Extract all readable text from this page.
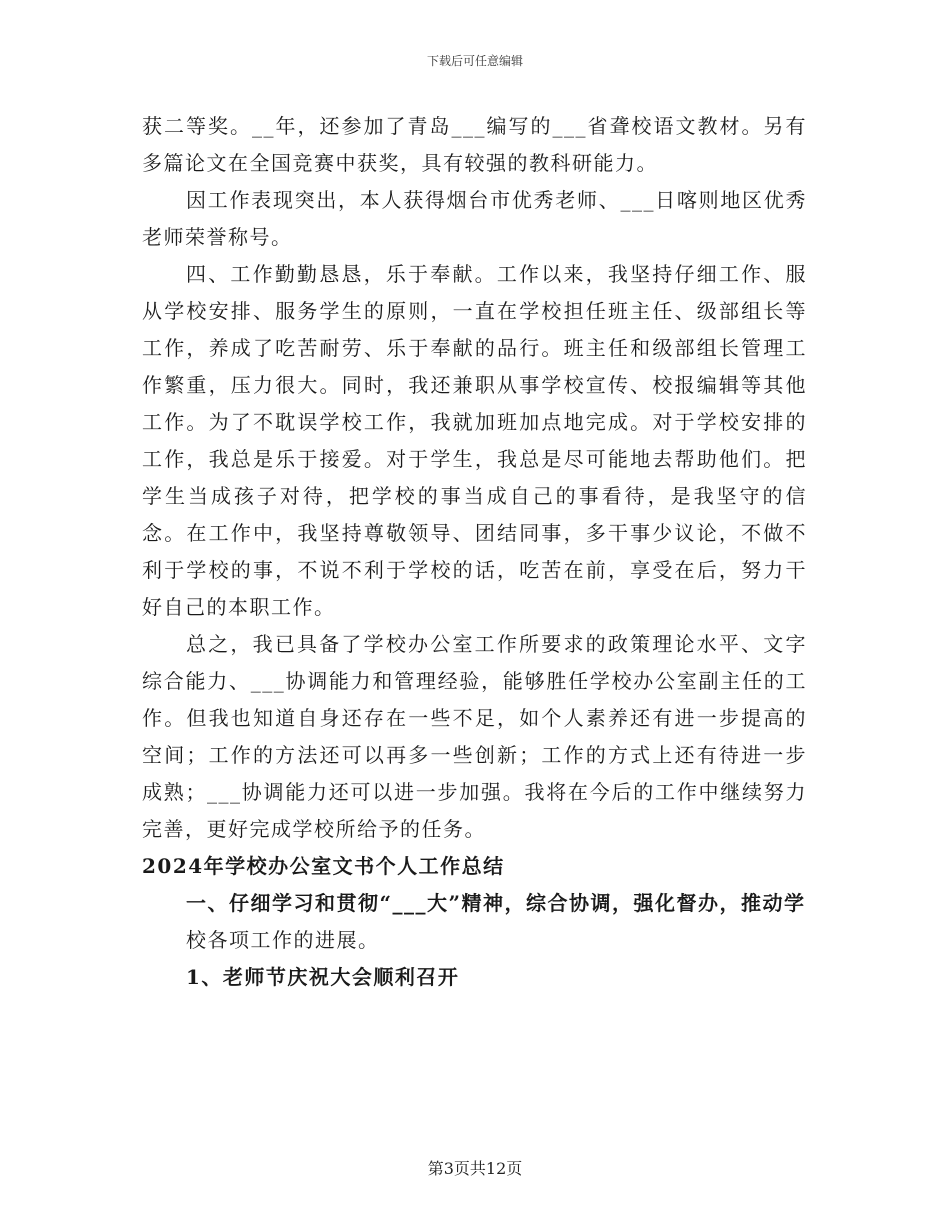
下载后可任意编辑

获二等奖。__年，还参加了青岛___编写的___省聋校语文教材。另有多篇论文在全国竞赛中获奖，具有较强的教科研能力。

因工作表现突出，本人获得烟台市优秀老师、___日喀则地区优秀老师荣誉称号。

四、工作勤勤恳恳，乐于奉献。工作以来，我坚持仔细工作、服从学校安排、服务学生的原则，一直在学校担任班主任、级部组长等工作，养成了吃苦耐劳、乐于奉献的品行。班主任和级部组长管理工作繁重，压力很大。同时，我还兼职从事学校宣传、校报编辑等其他工作。为了不耽误学校工作，我就加班加点地完成。对于学校安排的工作，我总是乐于接爱。对于学生，我总是尽可能地去帮助他们。把学生当成孩子对待，把学校的事当成自己的事看待，是我坚守的信念。在工作中，我坚持尊敬领导、团结同事，多干事少议论，不做不利于学校的事，不说不利于学校的话，吃苦在前，享受在后，努力干好自己的本职工作。

总之，我已具备了学校办公室工作所要求的政策理论水平、文字综合能力、___协调能力和管理经验，能够胜任学校办公室副主任的工作。但我也知道自身还存在一些不足，如个人素养还有进一步提高的空间；工作的方法还可以再多一些创新；工作的方式上还有待进一步成熟；___协调能力还可以进一步加强。我将在今后的工作中继续努力完善，更好完成学校所给予的任务。

2024年学校办公室文书个人工作总结

一、仔细学习和贯彻“___大”精神，综合协调，强化督办，推动学

校各项工作的进展。

1、老师节庆祝大会顺利召开

第3页共12页
